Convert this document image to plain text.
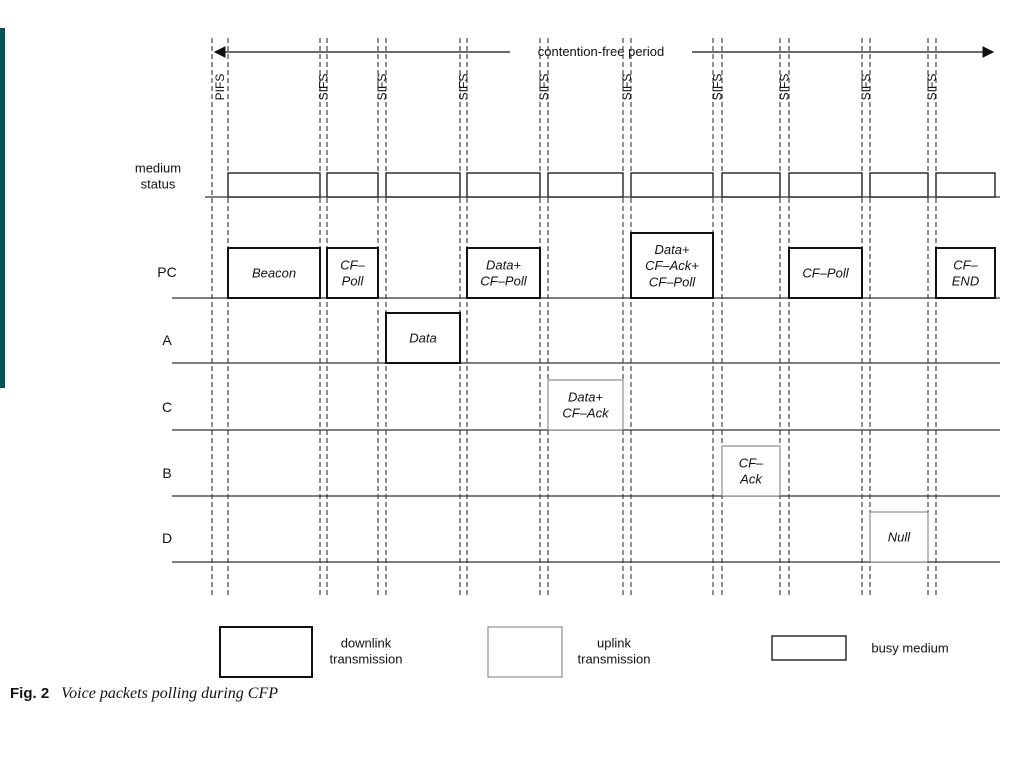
contention-free period
PIFS	SIFS	SIFS	SIFS	SIFS	SIFS	SIFS	SIFS	SIFS	SIFS
medium
status
PC
A
C
B
D
Beacon
CF–
Poll
Data
Data+
CF–Poll
Data+
CF–Ack
Data+
CF–Ack+
CF–Poll
CF–
Ack
CF–Poll
Null
CF–
END
downlink
transmission
uplink
transmission
busy medium
Fig. 2 Voice packets polling during CFP
